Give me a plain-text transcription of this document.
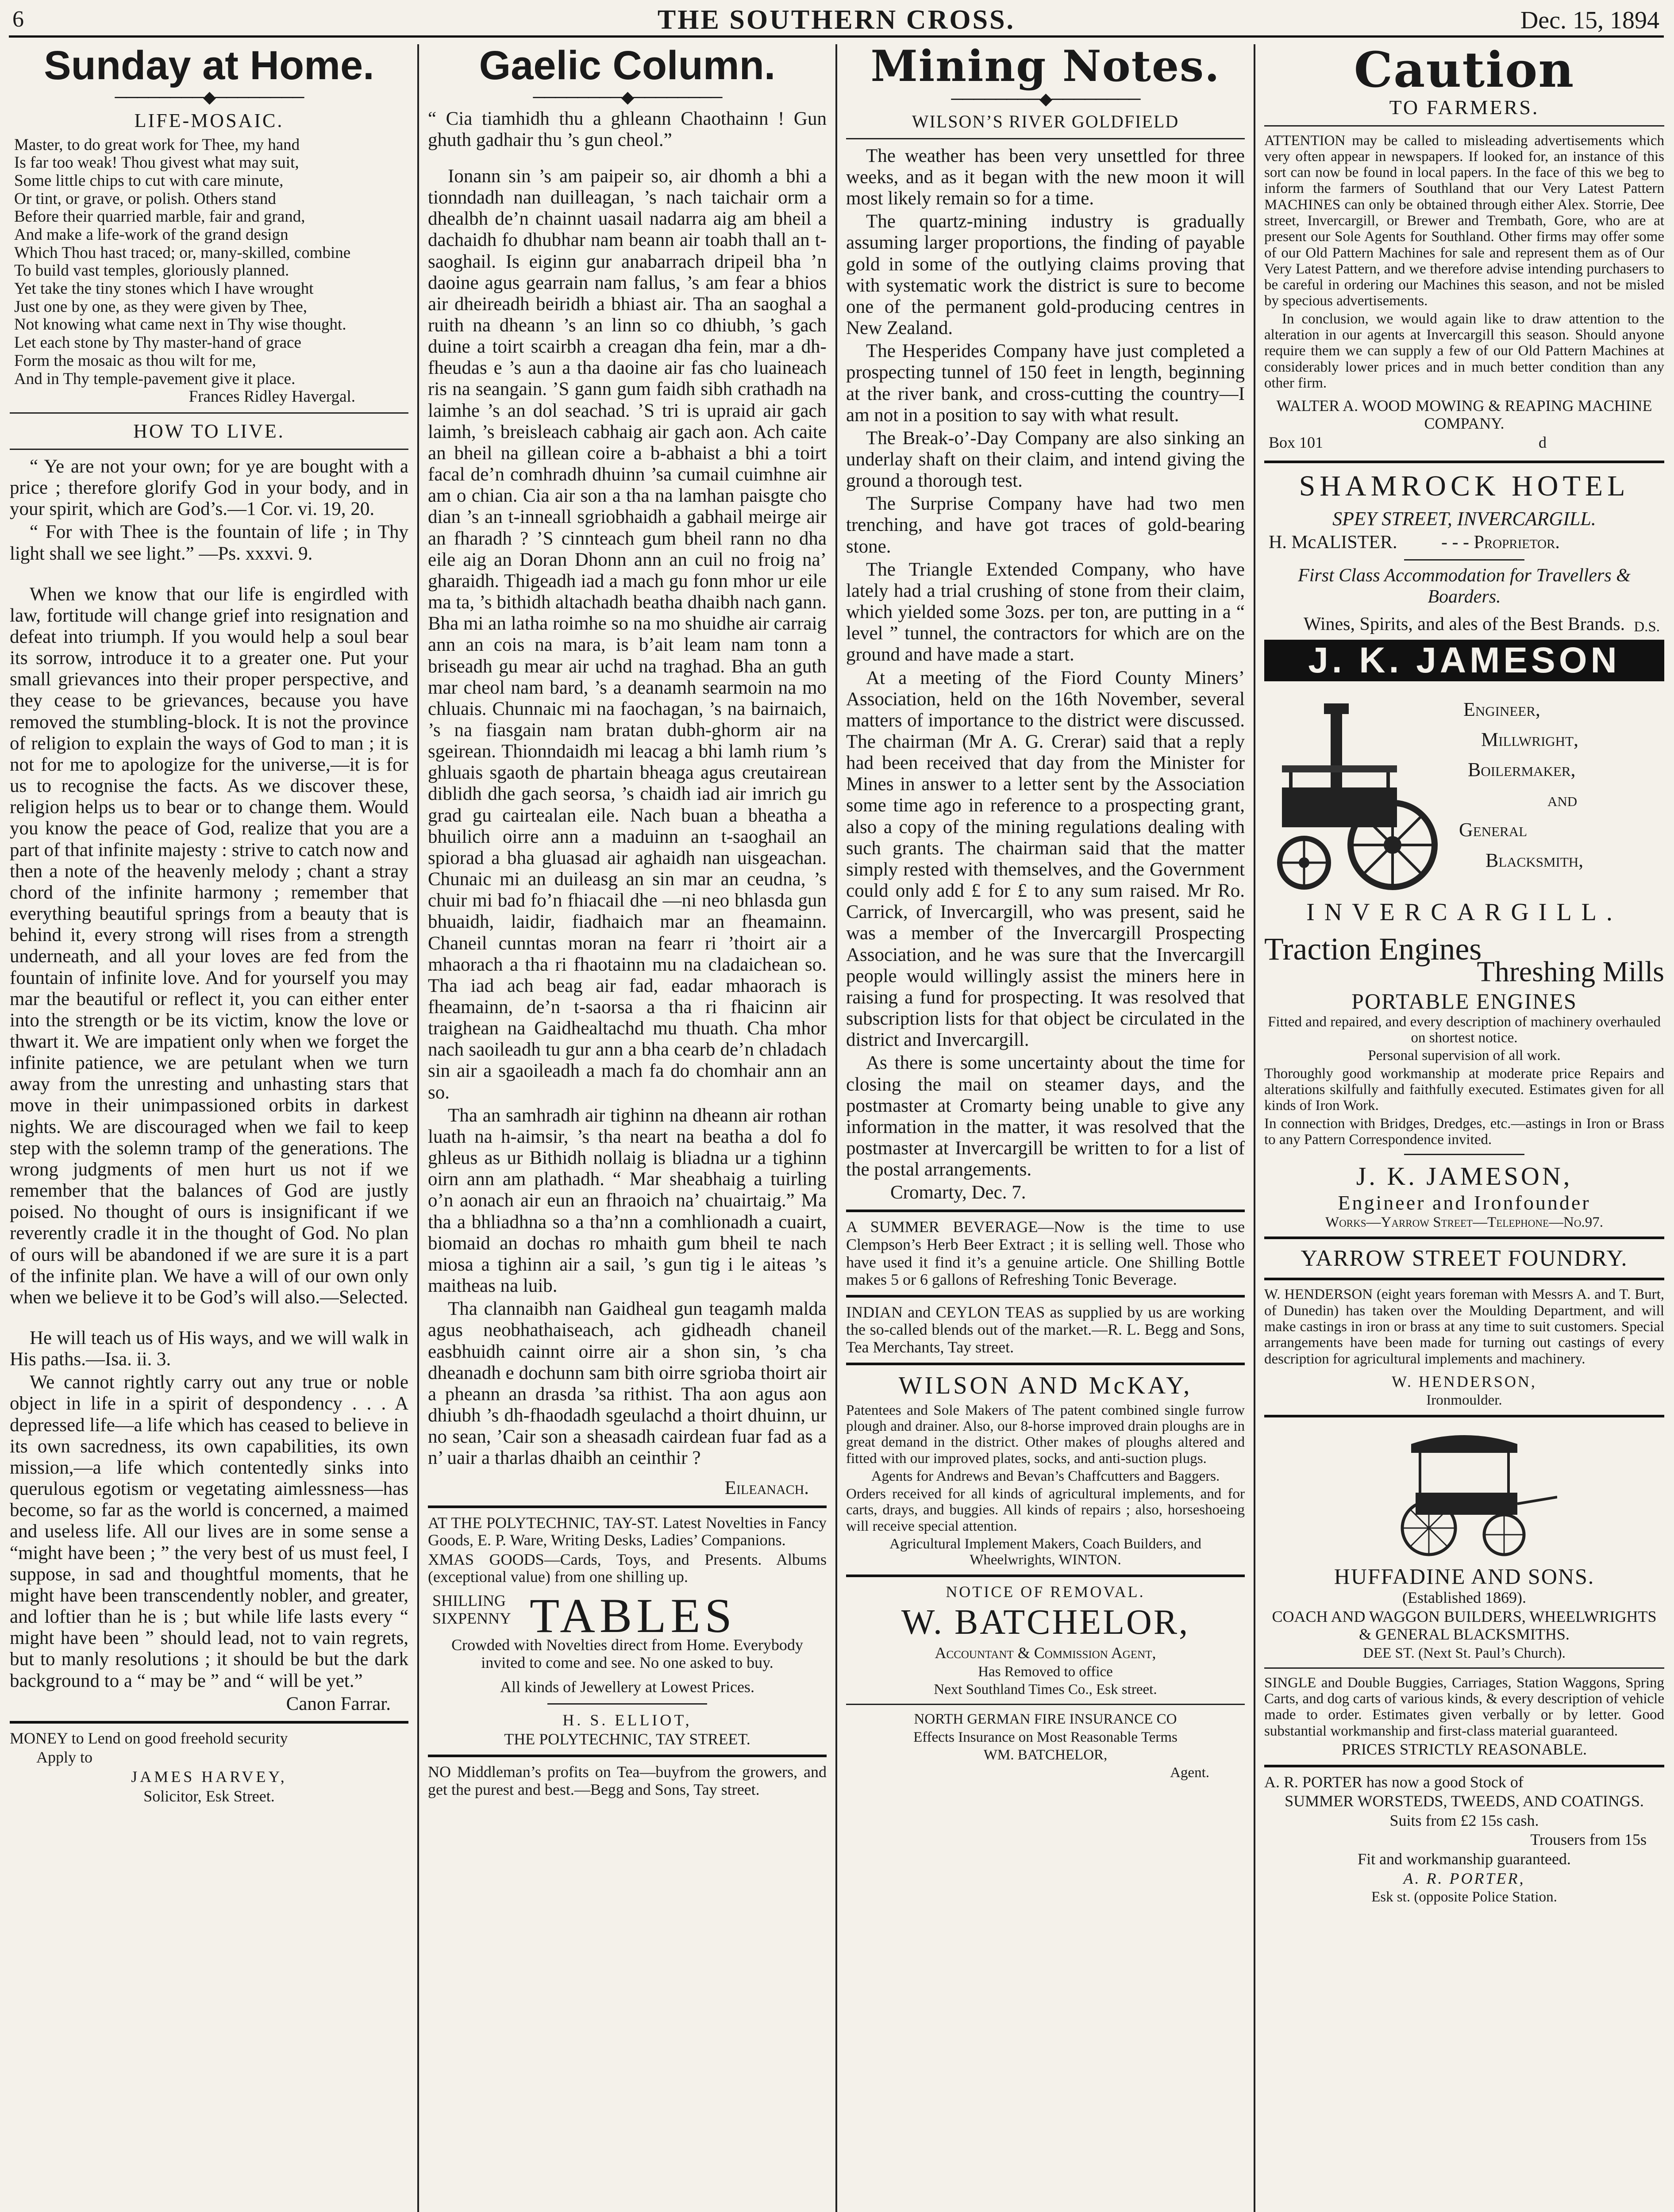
6	THE SOUTHERN CROSS.	Dec. 15, 1894
Sunday at Home.
────────◆────────
LIFE-MOSAIC.
Master, to do great work for Thee, my hand
Is far too weak! Thou givest what may suit,
Some little chips to cut with care minute,
Or tint, or grave, or polish. Others stand
Before their quarried marble, fair and grand,
And make a life-work of the grand design
Which Thou hast traced; or, many-skilled, combine
To build vast temples, gloriously planned.
Yet take the tiny stones which I have wrought
Just one by one, as they were given by Thee,
Not knowing what came next in Thy wise thought.
Let each stone by Thy master-hand of grace
Form the mosaic as thou wilt for me,
And in Thy temple-pavement give it place.

Frances Ridley Havergal.

HOW TO LIVE.

“ Ye are not your own; for ye are bought with a price ; therefore glorify God in your body, and in your spirit, which are God’s.—1 Cor. vi. 19, 20.

“ For with Thee is the fountain of life ; in Thy light shall we see light.” —Ps. xxxvi. 9.

When we know that our life is engirdled with law, fortitude will change grief into resignation and defeat into triumph. If you would help a soul bear its sorrow, introduce it to a greater one. Put your small grievances into their proper perspective, and they cease to be grievances, because you have removed the stumbling-block. It is not the province of religion to explain the ways of God to man ; it is not for me to apologize for the universe,—it is for us to recognise the facts. As we discover these, religion helps us to bear or to change them. Would you know the peace of God, realize that you are a part of that infinite majesty : strive to catch now and then a note of the heavenly melody ; chant a stray chord of the infinite harmony ; remember that everything beautiful springs from a beauty that is behind it, every strong will rises from a strength underneath, and all your loves are fed from the fountain of infinite love. And for yourself you may mar the beautiful or reflect it, you can either enter into the strength or be its victim, know the love or thwart it. We are impatient only when we forget the infinite patience, we are petulant when we turn away from the unresting and unhasting stars that move in their unimpassioned orbits in darkest nights. We are discouraged when we fail to keep step with the solemn tramp of the generations. The wrong judgments of men hurt us not if we remember that the balances of God are justly poised. No thought of ours is insignificant if we reverently cradle it in the thought of God. No plan of ours will be abandoned if we are sure it is a part of the infinite plan. We have a will of our own only when we believe it to be God’s will also.—Selected.

He will teach us of His ways, and we will walk in His paths.—Isa. ii. 3.

We cannot rightly carry out any true or noble object in life in a spirit of despondency . . . A depressed life—a life which has ceased to believe in its own sacredness, its own capabilities, its own mission,—a life which contentedly sinks into querulous egotism or vegetating aimlessness—has become, so far as the world is concerned, a maimed and useless life. All our lives are in some sense a “might have been ; ” the very best of us must feel, I suppose, in sad and thoughtful moments, that he might have been transcendently nobler, and greater, and loftier than he is ; but while life lasts every “ might have been ” should lead, not to vain regrets, but to manly resolutions ; it should be but the dark background to a “ may be ” and “ will be yet.”

Canon Farrar.

MONEY to Lend on good freehold security

Apply to

JAMES HARVEY,

Solicitor, Esk Street.

Gaelic Column.
────────◆────────

“ Cia tiamhidh thu a ghleann Chaothainn ! Gun ghuth gadhair thu ’s gun cheol.”

Ionann sin ’s am paipeir so, air dhomh a bhi a tionndadh nan duilleagan, ’s nach taichair orm a dhealbh de’n chainnt uasail nadarra aig am bheil a dachaidh fo dhubhar nam beann air toabh thall an t-saoghail. Is eiginn gur anabarrach dripeil bha ’n daoine agus gearrain nam fallus, ’s am fear a bhios air dheireadh beiridh a bhiast air. Tha an saoghal a ruith na dheann ’s an linn so co dhiubh, ’s gach duine a toirt scairbh a creagan dha fein, mar a dh-fheudas e ’s aun a tha daoine air fas cho luaineach ris na seangain. ’S gann gum faidh sibh crathadh na laimhe ’s an dol seachad. ’S tri is upraid air gach laimh, ’s breisleach cabhaig air gach aon. Ach caite an bheil na gillean coire a b-abhaist a bhi a toirt facal de’n comhradh dhuinn ’sa cumail cuimhne air am o chian. Cia air son a tha na lamhan paisgte cho dian ’s an t-inneall sgriobhaidh a gabhail meirge air an fharadh ? ’S cinnteach gum bheil rann no dha eile aig an Doran Dhonn ann an cuil no froig na’ gharaidh. Thigeadh iad a mach gu fonn mhor ur eile ma ta, ’s bithidh altachadh beatha dhaibh nach gann. Bha mi an latha roimhe so na mo shuidhe air carraig ann an cois na mara, is b’ait leam nam tonn a briseadh gu mear air uchd na traghad. Bha an guth mar cheol nam bard, ’s a deanamh searmoin na mo chluais. Chunnaic mi na faochagan, ’s na bairnaich, ’s na fiasgain nam bratan dubh-ghorm air na sgeirean. Thionndaidh mi leacag a bhi lamh rium ’s ghluais sgaoth de phartain bheaga agus creutairean diblidh dhe gach seorsa, ’s chaidh iad air imrich gu grad gu cairtealan eile. Nach buan a bheatha a bhuilich oirre ann a maduinn an t-saoghail an spiorad a bha gluasad air aghaidh nan uisgeachan. Chunaic mi an duileasg an sin mar an ceudna, ’s chuir mi bad fo’n fhiacail dhe —ni neo bhlasda gun bhuaidh, laidir, fiadhaich mar an fheamainn. Chaneil cunntas moran na fearr ri ’thoirt air a mhaorach a tha ri fhaotainn mu na cladaichean so. Tha iad ach beag air fad, eadar mhaorach is fheamainn, de’n t-saorsa a tha ri fhaicinn air traighean na Gaidhealtachd mu thuath. Cha mhor nach saoileadh tu gur ann a bha cearb de’n chladach sin air a sgaoileadh a mach fa do chomhair ann an so.

Tha an samhradh air tighinn na dheann air rothan luath na h-aimsir, ’s tha neart na beatha a dol fo ghleus as ur Bithidh nollaig is bliadna ur a tighinn oirn ann am plathadh. “ Mar sheabhaig a tuirling o’n aonach air eun an fhraoich na’ chuairtaig.” Ma tha a bhliadhna so a tha’nn a comhlionadh a cuairt, biomaid an dochas ro mhaith gum bheil te nach miosa a tighinn air a sail, ’s gun tig i le aiteas ’s maitheas na luib.

Tha clannaibh nan Gaidheal gun teagamh malda agus neobhathaiseach, ach gidheadh chaneil easbhuidh cainnt oirre air a shon sin, ’s cha dheanadh e dochunn sam bith oirre sgrioba thoirt air a pheann an drasda ’sa rithist. Tha aon agus aon dhiubh ’s dh-fhaodadh sgeulachd a thoirt dhuinn, ur no sean, ’Cair son a sheasadh cairdean fuar fad as a n’ uair a tharlas dhaibh an ceinthir ?

Eileanach.

AT THE POLYTECHNIC, TAY-ST. Latest Novelties in Fancy Goods, E. P. Ware, Writing Desks, Ladies’ Companions.

XMAS GOODS—Cards, Toys, and Presents. Albums (exceptional value) from one shilling up.

SHILLING SIXPENNY TABLES

Crowded with Novelties direct from Home. Everybody invited to come and see. No one asked to buy.

All kinds of Jewellery at Lowest Prices.

H. S. ELLIOT,

THE POLYTECHNIC, TAY STREET.

NO Middleman’s profits on Tea—buyfrom the growers, and get the purest and best.—Begg and Sons, Tay street.

Mining Notes.
────────◆────────
WILSON’S RIVER GOLDFIELD

The weather has been very unsettled for three weeks, and as it began with the new moon it will most likely remain so for a time.

The quartz-mining industry is gradually assuming larger proportions, the finding of payable gold in some of the outlying claims proving that with systematic work the district is sure to become one of the permanent gold-producing centres in New Zealand.

The Hesperides Company have just completed a prospecting tunnel of 150 feet in length, beginning at the river bank, and cross-cutting the country—I am not in a position to say with what result.

The Break-o’-Day Company are also sinking an underlay shaft on their claim, and intend giving the ground a thorough test.

The Surprise Company have had two men trenching, and have got traces of gold-bearing stone.

The Triangle Extended Company, who have lately had a trial crushing of stone from their claim, which yielded some 3ozs. per ton, are putting in a “ level ” tunnel, the contractors for which are on the ground and have made a start.

At a meeting of the Fiord County Miners’ Association, held on the 16th November, several matters of importance to the district were discussed. The chairman (Mr A. G. Crerar) said that a reply had been received that day from the Minister for Mines in answer to a letter sent by the Association some time ago in reference to a prospecting grant, also a copy of the mining regulations dealing with such grants. The chairman said that the matter simply rested with themselves, and the Government could only add £ for £ to any sum raised. Mr Ro. Carrick, of Invercargill, who was present, said he was a member of the Invercargill Prospecting Association, and he was sure that the Invercargill people would willingly assist the miners here in raising a fund for prospecting. It was resolved that subscription lists for that object be circulated in the district and Invercargill.

As there is some uncertainty about the time for closing the mail on steamer days, and the postmaster at Cromarty being unable to give any information in the matter, it was resolved that the postmaster at Invercargill be written to for a list of the postal arrangements.

Cromarty, Dec. 7.

A SUMMER BEVERAGE—Now is the time to use Clempson’s Herb Beer Extract ; it is selling well. Those who have used it find it’s a genuine article. One Shilling Bottle makes 5 or 6 gallons of Refreshing Tonic Beverage.

INDIAN and CEYLON TEAS as supplied by us are working the so-called blends out of the market.—R. L. Begg and Sons, Tea Merchants, Tay street.

WILSON AND McKAY,

Patentees and Sole Makers of The patent combined single furrow plough and drainer. Also, our 8-horse improved drain ploughs are in great demand in the district. Other makes of ploughs altered and fitted with our improved plates, socks, and anti-suction plugs.

Agents for Andrews and Bevan’s Chaffcutters and Baggers.

Orders received for all kinds of agricultural implements, and for carts, drays, and buggies. All kinds of repairs ; also, horseshoeing will receive special attention.

Agricultural Implement Makers, Coach Builders, and Wheelwrights, WINTON.

NOTICE OF REMOVAL.
W. BATCHELOR,

Accountant & Commission Agent,

Has Removed to office

Next Southland Times Co., Esk street.

NORTH GERMAN FIRE INSURANCE CO

Effects Insurance on Most Reasonable Terms

WM. BATCHELOR,

Agent.

Caution
TO FARMERS.

ATTENTION may be called to misleading advertisements which very often appear in newspapers. If looked for, an instance of this sort can now be found in local papers. In the face of this we beg to inform the farmers of Southland that our Very Latest Pattern MACHINES can only be obtained through either Alex. Storrie, Dee street, Invercargill, or Brewer and Trembath, Gore, who are at present our Sole Agents for Southland. Other firms may offer some of our Old Pattern Machines for sale and represent them as of Our Very Latest Pattern, and we therefore advise intending purchasers to be careful in ordering our Machines this season, and not be misled by specious advertisements.

In conclusion, we would again like to draw attention to the alteration in our agents at Invercargill this season. Should anyone require them we can supply a few of our Old Pattern Machines at considerably lower prices and in much better condition than any other firm.

WALTER A. WOOD MOWING & REAPING MACHINE COMPANY.

Box 101	d
SHAMROCK HOTEL

SPEY STREET, INVERCARGILL.

H. McALISTER. - - - Proprietor.

First Class Accommodation for Travellers & Boarders.

Wines, Spirits, and ales of the Best Brands. D.S.

J. K. JAMESON
Engineer,
Millwright,
Boilermaker,
and
General
Blacksmith,
INVERCARGILL.
Traction Engines
Threshing Mills
PORTABLE ENGINES

Fitted and repaired, and every description of machinery overhauled on shortest notice.

Personal supervision of all work.

Thoroughly good workmanship at moderate price Repairs and alterations skilfully and faithfully executed. Estimates given for all kinds of Iron Work.

In connection with Bridges, Dredges, etc.—astings in Iron or Brass to any Pattern Correspondence invited.

J. K. JAMESON,
Engineer and Ironfounder

Works—Yarrow Street—Telephone—No.97.

YARROW STREET FOUNDRY.

W. HENDERSON (eight years foreman with Messrs A. and T. Burt, of Dunedin) has taken over the Moulding Department, and will make castings in iron or brass at any time to suit customers. Special arrangements have been made for turning out castings of every description for agricultural implements and machinery.

W. HENDERSON,

Ironmoulder.

HUFFADINE AND SONS.

(Established 1869).

COACH AND WAGGON BUILDERS, WHEELWRIGHTS & GENERAL BLACKSMITHS.

DEE ST. (Next St. Paul’s Church).

SINGLE and Double Buggies, Carriages, Station Waggons, Spring Carts, and dog carts of various kinds, & every description of vehicle made to order. Estimates given verbally or by letter. Good substantial workmanship and first-class material guaranteed.

PRICES STRICTLY REASONABLE.

A. R. PORTER has now a good Stock of

SUMMER WORSTEDS, TWEEDS, AND COATINGS.

Suits from £2 15s cash.

Trousers from 15s

Fit and workmanship guaranteed.

A. R. PORTER,

Esk st. (opposite Police Station.
